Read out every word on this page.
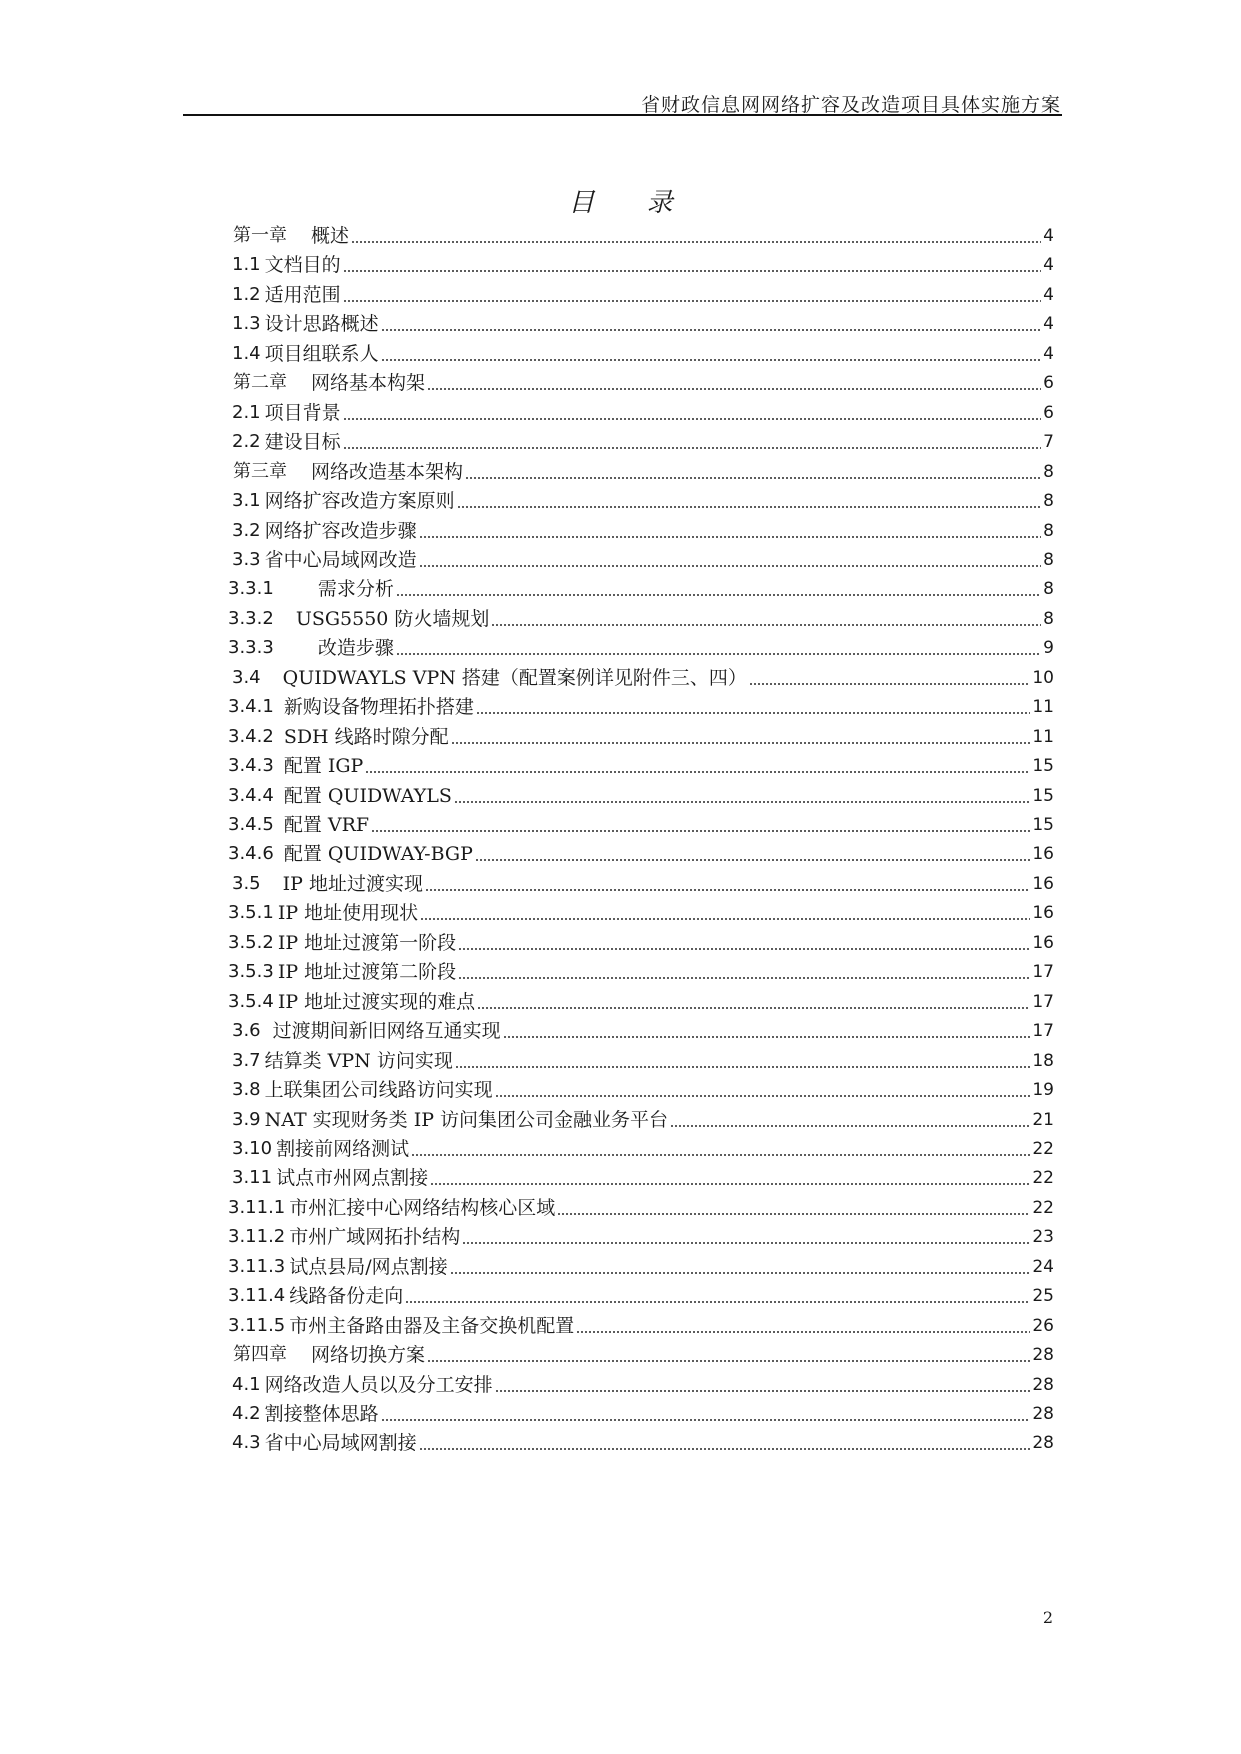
省财政信息网网络扩容及改造项目具体实施方案
目 录
第一章 概述	4
1.1 文档目的	4
1.2 适用范围	4
1.3 设计思路概述	4
1.4 项目组联系人	4
第二章 网络基本构架	6
2.1 项目背景	6
2.2 建设目标	7
第三章 网络改造基本架构	8
3.1 网络扩容改造方案原则	8
3.2 网络扩容改造步骤	8
3.3 省中心局域网改造	8
3.3.1 需求分析	8
3.3.2 USG5550 防火墙规划	8
3.3.3 改造步骤	9
3.4 QUIDWAYLS VPN 搭建（配置案例详见附件三、四）	10
3.4.1 新购设备物理拓扑搭建	11
3.4.2 SDH 线路时隙分配	11
3.4.3 配置 IGP	15
3.4.4 配置 QUIDWAYLS	15
3.4.5 配置 VRF	15
3.4.6 配置 QUIDWAY-BGP	16
3.5 IP 地址过渡实现	16
3.5.1 IP 地址使用现状	16
3.5.2 IP 地址过渡第一阶段	16
3.5.3 IP 地址过渡第二阶段	17
3.5.4 IP 地址过渡实现的难点	17
3.6 过渡期间新旧网络互通实现	17
3.7 结算类 VPN 访问实现	18
3.8 上联集团公司线路访问实现	19
3.9 NAT 实现财务类 IP 访问集团公司金融业务平台	21
3.10 割接前网络测试	22
3.11 试点市州网点割接	22
3.11.1 市州汇接中心网络结构核心区域	22
3.11.2 市州广域网拓扑结构	23
3.11.3 试点县局/网点割接	24
3.11.4 线路备份走向	25
3.11.5 市州主备路由器及主备交换机配置	26
第四章 网络切换方案	28
4.1 网络改造人员以及分工安排	28
4.2 割接整体思路	28
4.3 省中心局域网割接	28
2
